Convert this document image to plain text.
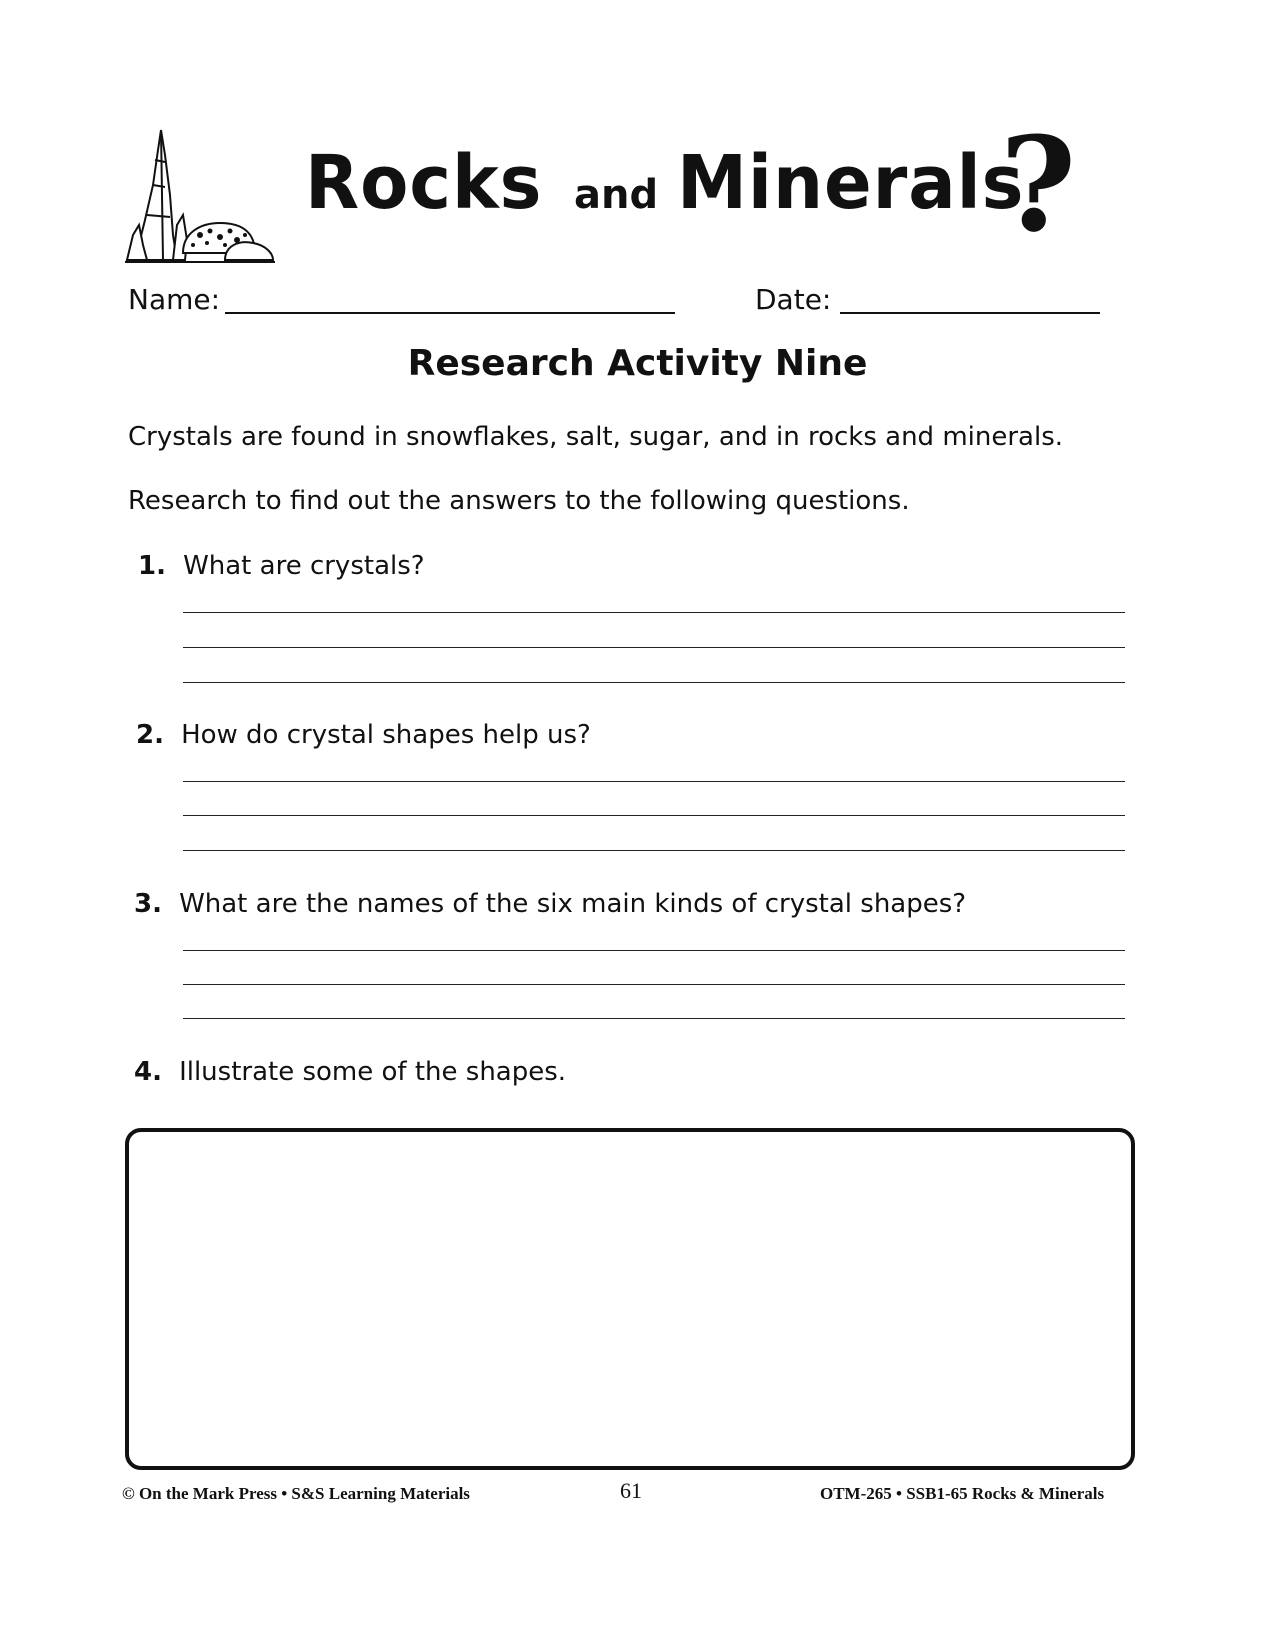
Rocks and Minerals
?
Name:	Date:
Research Activity Nine
Crystals are found in snowflakes, salt, sugar, and in rocks and minerals.
Research to find out the answers to the following questions.
1. What are crystals?
2. How do crystal shapes help us?
3. What are the names of the six main kinds of crystal shapes?
4. Illustrate some of the shapes.
© On the Mark Press • S&S Learning Materials	61	OTM-265 • SSB1-65 Rocks & Minerals
